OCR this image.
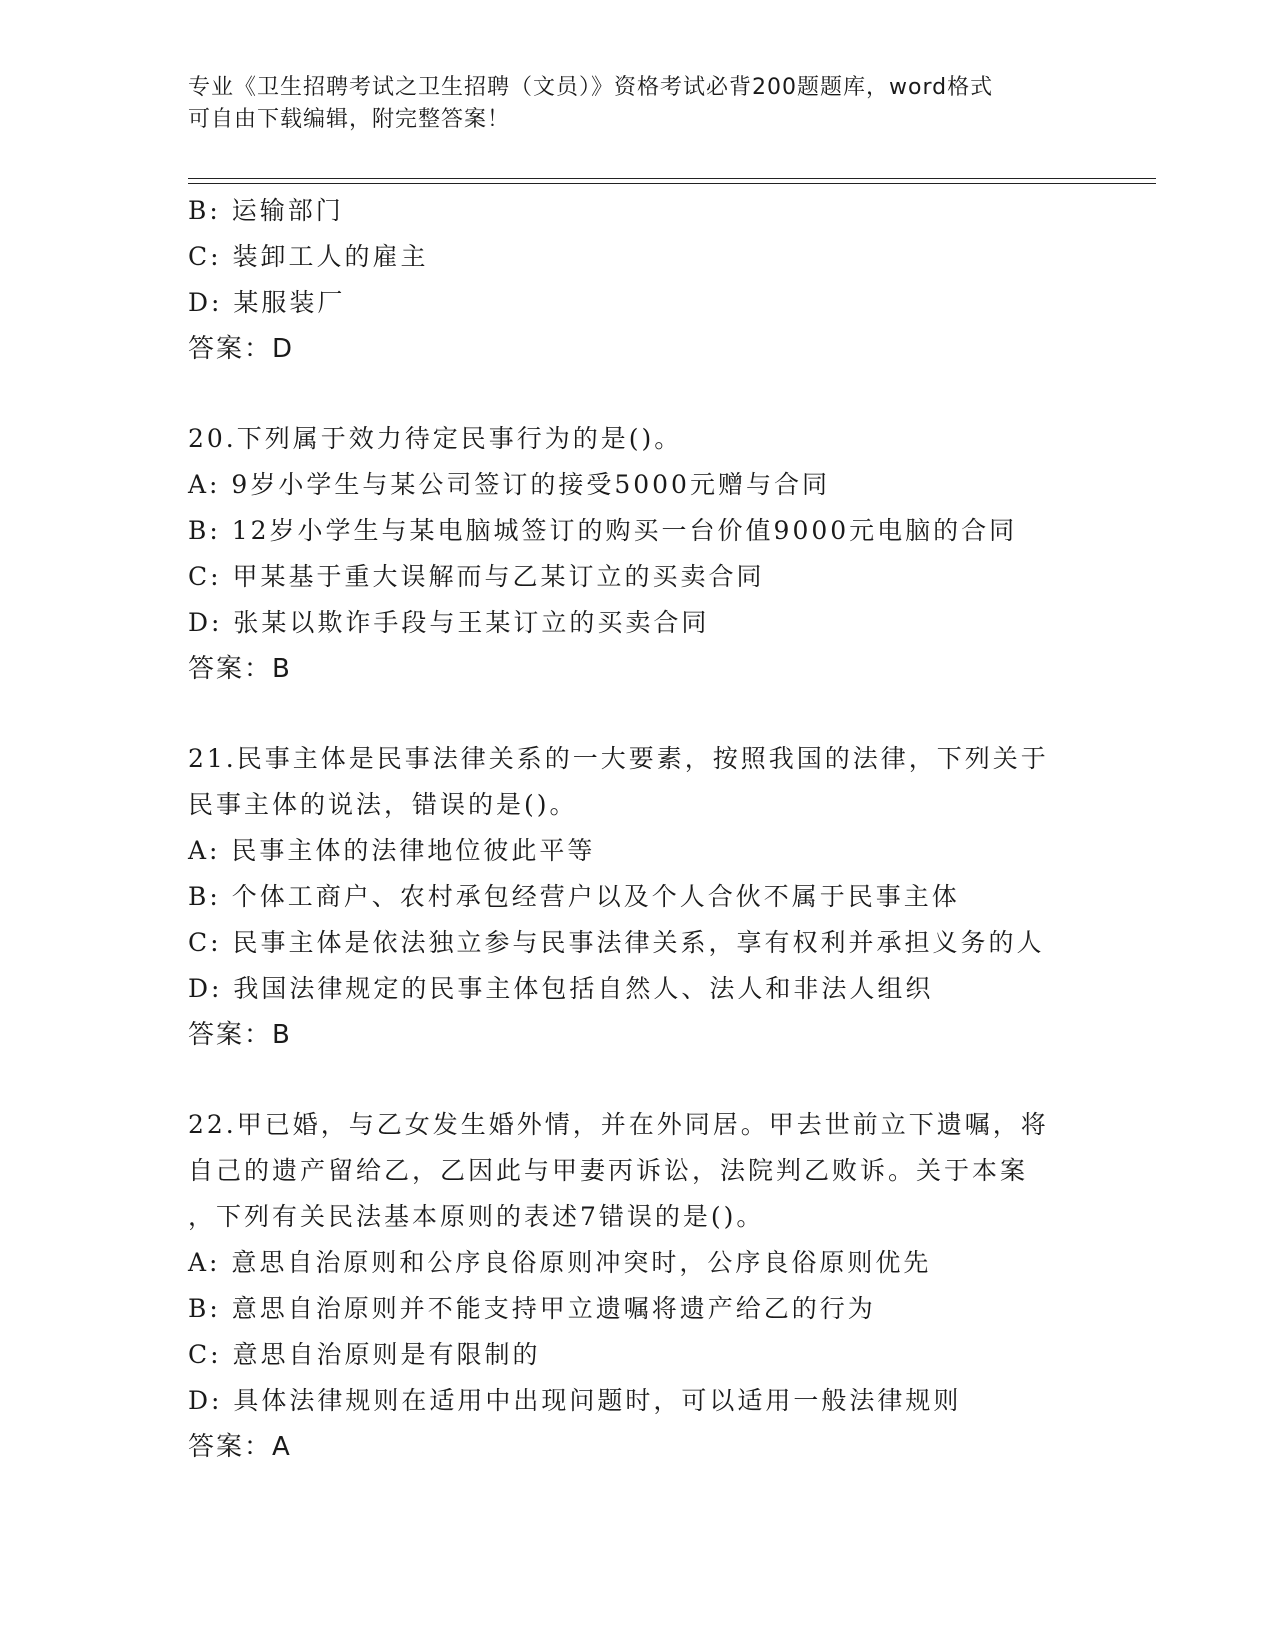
专业《卫生招聘考试之卫生招聘（文员）》资格考试必背200题题库，word格式
可自由下载编辑，附完整答案！
B: 运输部门
C: 装卸工人的雇主
D: 某服装厂
答案：D
20.下列属于效力待定民事行为的是()。
A: 9岁小学生与某公司签订的接受5000元赠与合同
B: 12岁小学生与某电脑城签订的购买一台价值9000元电脑的合同
C: 甲某基于重大误解而与乙某订立的买卖合同
D: 张某以欺诈手段与王某订立的买卖合同
答案：B
21.民事主体是民事法律关系的一大要素，按照我国的法律，下列关于
民事主体的说法，错误的是()。
A: 民事主体的法律地位彼此平等
B: 个体工商户、农村承包经营户以及个人合伙不属于民事主体
C: 民事主体是依法独立参与民事法律关系，享有权利并承担义务的人
D: 我国法律规定的民事主体包括自然人、法人和非法人组织
答案：B
22.甲已婚，与乙女发生婚外情，并在外同居。甲去世前立下遗嘱，将
自己的遗产留给乙，乙因此与甲妻丙诉讼，法院判乙败诉。关于本案
，下列有关民法基本原则的表述7错误的是()。
A: 意思自治原则和公序良俗原则冲突时，公序良俗原则优先
B: 意思自治原则并不能支持甲立遗嘱将遗产给乙的行为
C: 意思自治原则是有限制的
D: 具体法律规则在适用中出现问题时，可以适用一般法律规则
答案：A
